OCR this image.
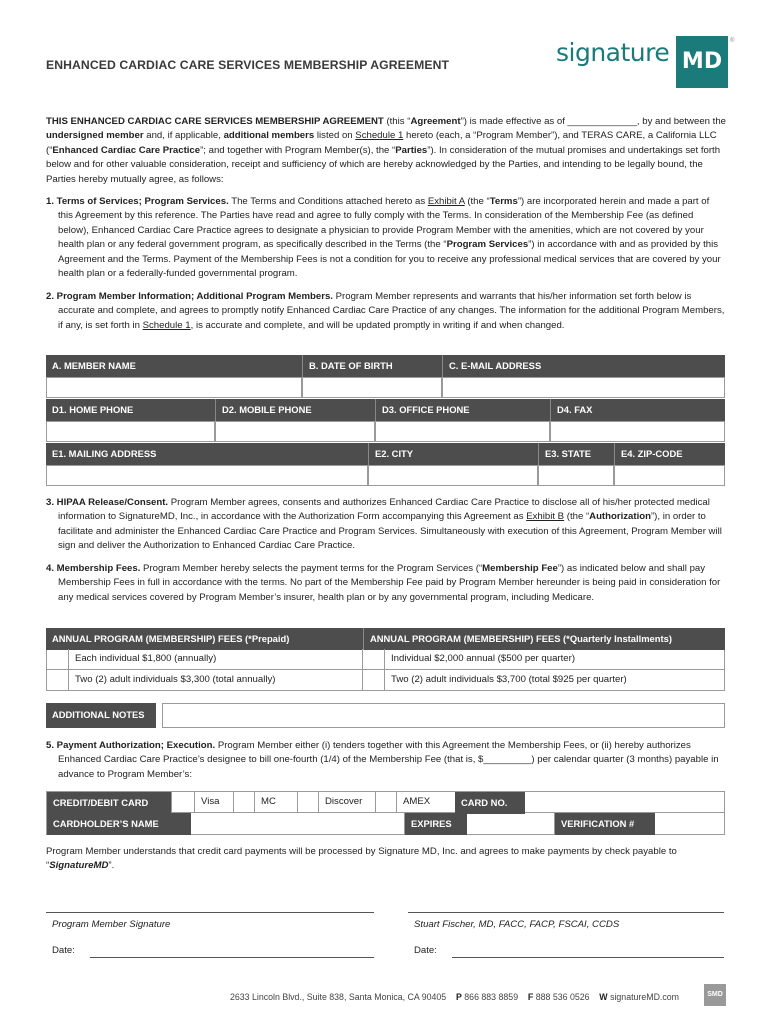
ENHANCED CARDIAC CARE SERVICES MEMBERSHIP AGREEMENT	signature MD
®
THIS ENHANCED CARDIAC CARE SERVICES MEMBERSHIP AGREEMENT (this “Agreement”) is made effective as of _____________, by and between the undersigned member and, if applicable, additional members listed on Schedule 1 hereto (each, a “Program Member”), and TERAS CARE, a California LLC (“Enhanced Cardiac Care Practice”; and together with Program Member(s), the “Parties”). In consideration of the mutual promises and undertakings set forth below and for other valuable consideration, receipt and sufficiency of which are hereby acknowledged by the Parties, and intending to be legally bound, the Parties hereby mutually agree, as follows:
1. Terms of Services; Program Services. The Terms and Conditions attached hereto as Exhibit A (the “Terms”) are incorporated herein and made a part of this Agreement by this reference. The Parties have read and agree to fully comply with the Terms. In consideration of the Membership Fee (as defined below), Enhanced Cardiac Care Practice agrees to designate a physician to provide Program Member with the amenities, which are not covered by your health plan or any federal government program, as specifically described in the Terms (the “Program Services”) in accordance with and as provided by this Agreement and the Terms. Payment of the Membership Fees is not a condition for you to receive any professional medical services that are covered by your health plan or a federally-funded governmental program.
2. Program Member Information; Additional Program Members. Program Member represents and warrants that his/her information set forth below is accurate and complete, and agrees to promptly notify Enhanced Cardiac Care Practice of any changes. The information for the additional Program Members, if any, is set forth in Schedule 1, is accurate and complete, and will be updated promptly in writing if and when changed.
A. MEMBER NAME	B. DATE OF BIRTH	C. E-MAIL ADDRESS
D1. HOME PHONE	D2. MOBILE PHONE	D3. OFFICE PHONE	D4. FAX
E1. MAILING ADDRESS	E2. CITY	E3. STATE	E4. ZIP-CODE
3. HIPAA Release/Consent. Program Member agrees, consents and authorizes Enhanced Cardiac Care Practice to disclose all of his/her protected medical information to SignatureMD, Inc., in accordance with the Authorization Form accompanying this Agreement as Exhibit B (the “Authorization”), in order to facilitate and administer the Enhanced Cardiac Care Practice and Program Services. Simultaneously with execution of this Agreement, Program Member will sign and deliver the Authorization to Enhanced Cardiac Care Practice.
4. Membership Fees. Program Member hereby selects the payment terms for the Program Services (“Membership Fee”) as indicated below and shall pay Membership Fees in full in accordance with the terms. No part of the Membership Fee paid by Program Member hereunder is being paid in consideration for any medical services covered by Program Member’s insurer, health plan or by any governmental program, including Medicare.
ANNUAL PROGRAM (MEMBERSHIP) FEES (*Prepaid)	ANNUAL PROGRAM (MEMBERSHIP) FEES (*Quarterly Installments)
Each individual $1,800 (annually)	Individual $2,000 annual ($500 per quarter)
Two (2) adult individuals $3,300 (total annually)	Two (2) adult individuals $3,700 (total $925 per quarter)
ADDITIONAL NOTES
5. Payment Authorization; Execution. Program Member either (i) tenders together with this Agreement the Membership Fees, or (ii) hereby authorizes Enhanced Cardiac Care Practice’s designee to bill one-fourth (1/4) of the Membership Fee (that is, $_________) per calendar quarter (3 months) payable in advance to Program Member’s:
CREDIT/DEBIT CARD	Visa	MC	Discover	AMEX	CARD NO.
CARDHOLDER’S NAME	EXPIRES	VERIFICATION #
Program Member understands that credit card payments will be processed by Signature MD, Inc. and agrees to make payments by check payable to “SignatureMD”.
Program Member Signature
Date:
Stuart Fischer, MD, FACC, FACP, FSCAI, CCDS
Date:
2633 Lincoln Blvd., Suite 838, Santa Monica, CA 90405 P 866 883 8859 F 888 536 0526 W signatureMD.com	SMD
